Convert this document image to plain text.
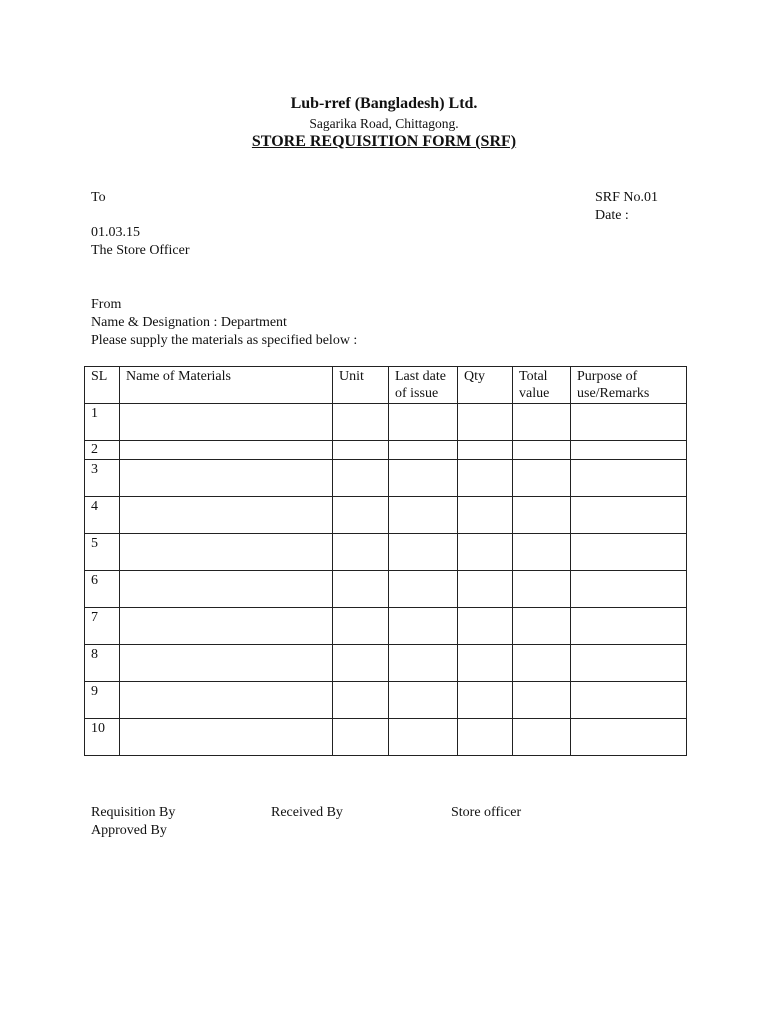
Lub-rref (Bangladesh) Ltd.
Sagarika Road, Chittagong.
STORE REQUISITION FORM (SRF)
To	SRF No.01
Date :
01.03.15
The Store Officer
From
Name & Designation : Department
Please supply the materials as specified below :
SL	Name of Materials	Unit	Last date of issue	Qty	Total value	Purpose of use/Remarks
1						
2						
3						
4						
5						
6						
7						
8						
9						
10						
Requisition By	Received By	Store officer
Approved By
